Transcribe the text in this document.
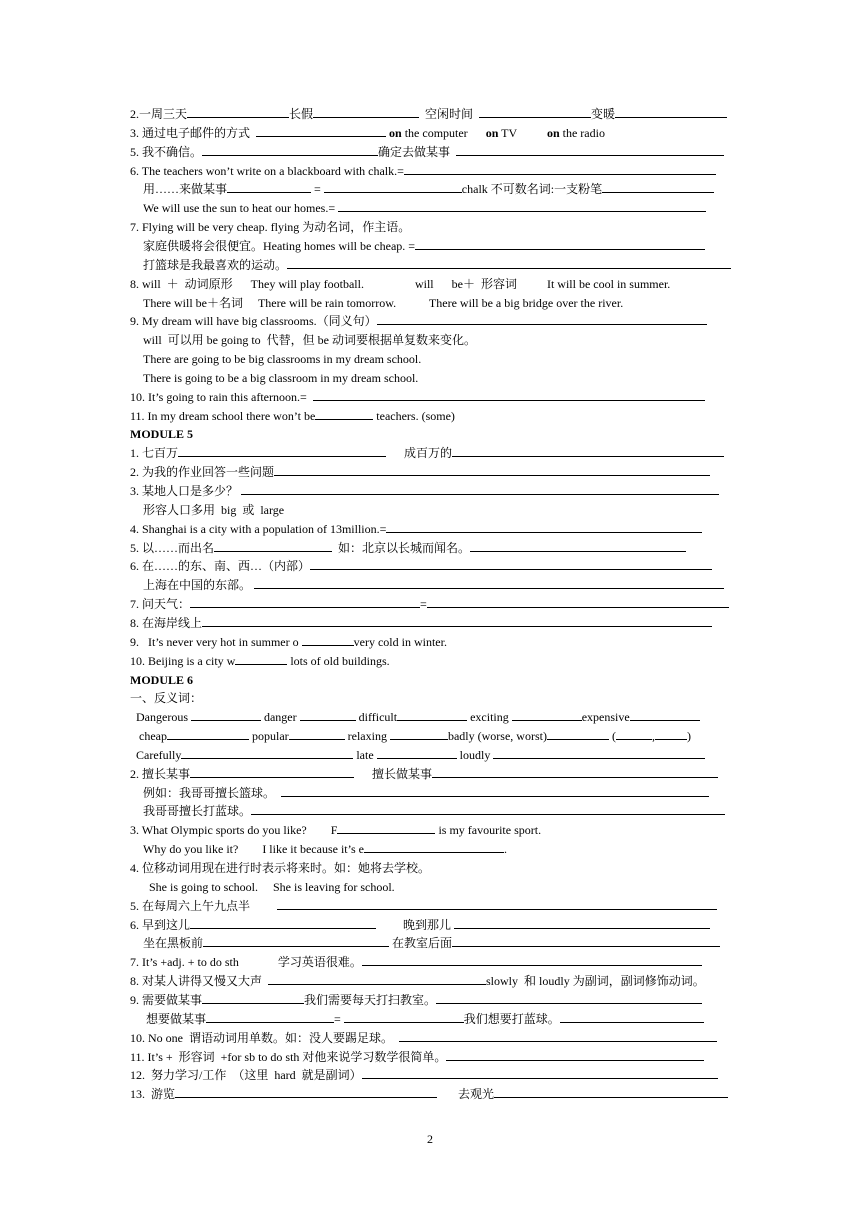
2.一周三天	长假	空闲时间	变暖
3. 通过电子邮件的方式	on the computer      on TV          on the radio
5. 我不确信。	确定去做某事
6. The teachers won’t write on a blackboard with chalk.=
用……来做某事	=	chalk 不可数名词:一支粉笔
We will use the sun to heat our homes.=
7. Flying will be very cheap. flying 为动名词，作主语。
家庭供暖将会很便宜。Heating homes will be cheap. =
打篮球是我最喜欢的运动。
8. will  ＋  动词原形      They will play football.                 will      be＋  形容词          It will be cool in summer.
There will be＋名词     There will be rain tomorrow.           There will be a big bridge over the river.
9. My dream will have big classrooms.（同义句）
will  可以用 be going to  代替，但 be 动词要根据单复数来变化。
There are going to be big classrooms in my dream school.
There is going to be a big classroom in my dream school.
10. It’s going to rain this afternoon.=
11. In my dream school there won’t be	teachers. (some)
MODULE 5
1. 七百万	成百万的
2. 为我的作业回答一些问题
3. 某地人口是多少？
形容人口多用  big  或  large
4. Shanghai is a city with a population of 13million.=
5. 以……而出名	如：北京以长城而闻名。
6. 在……的东、南、西…（内部）
上海在中国的东部。
7. 问天气：	=
8. 在海岸线上
9.   It’s never very hot in summer o	very cold in winter.
10. Beijing is a city w	lots of old buildings.
MODULE 6
一、反义词：
Dangerous	danger	difficult	exciting	expensive
cheap	popular	relaxing	badly (worse, worst)	(	,	)
Carefully	late	loudly
2. 擅长某事	擅长做某事
例如：我哥哥擅长篮球。
我哥哥擅长打蓝球。
3. What Olympic sports do you like?        F	is my favourite sport.
Why do you like it?        I like it because it’s e	.
4. 位移动词用现在进行时表示将来时。如：她将去学校。
She is going to school.     She is leaving for school.
5. 在每周六上午九点半
6. 早到这儿	晚到那儿
坐在黑板前	在教室后面
7. It’s +adj. + to do sth             学习英语很难。
8. 对某人讲得又慢又大声	slowly  和 loudly 为副词，副词修饰动词。
9. 需要做某事	我们需要每天打扫教室。
想要做某事	=	我们想要打蓝球。
10. No one  谓语动词用单数。如：没人要踢足球。
11. It’s +  形容词  +for sb to do sth 对他来说学习数学很简单。
12.  努力学习/工作  （这里  hard  就是副词）
13.  游览	去观光
2
